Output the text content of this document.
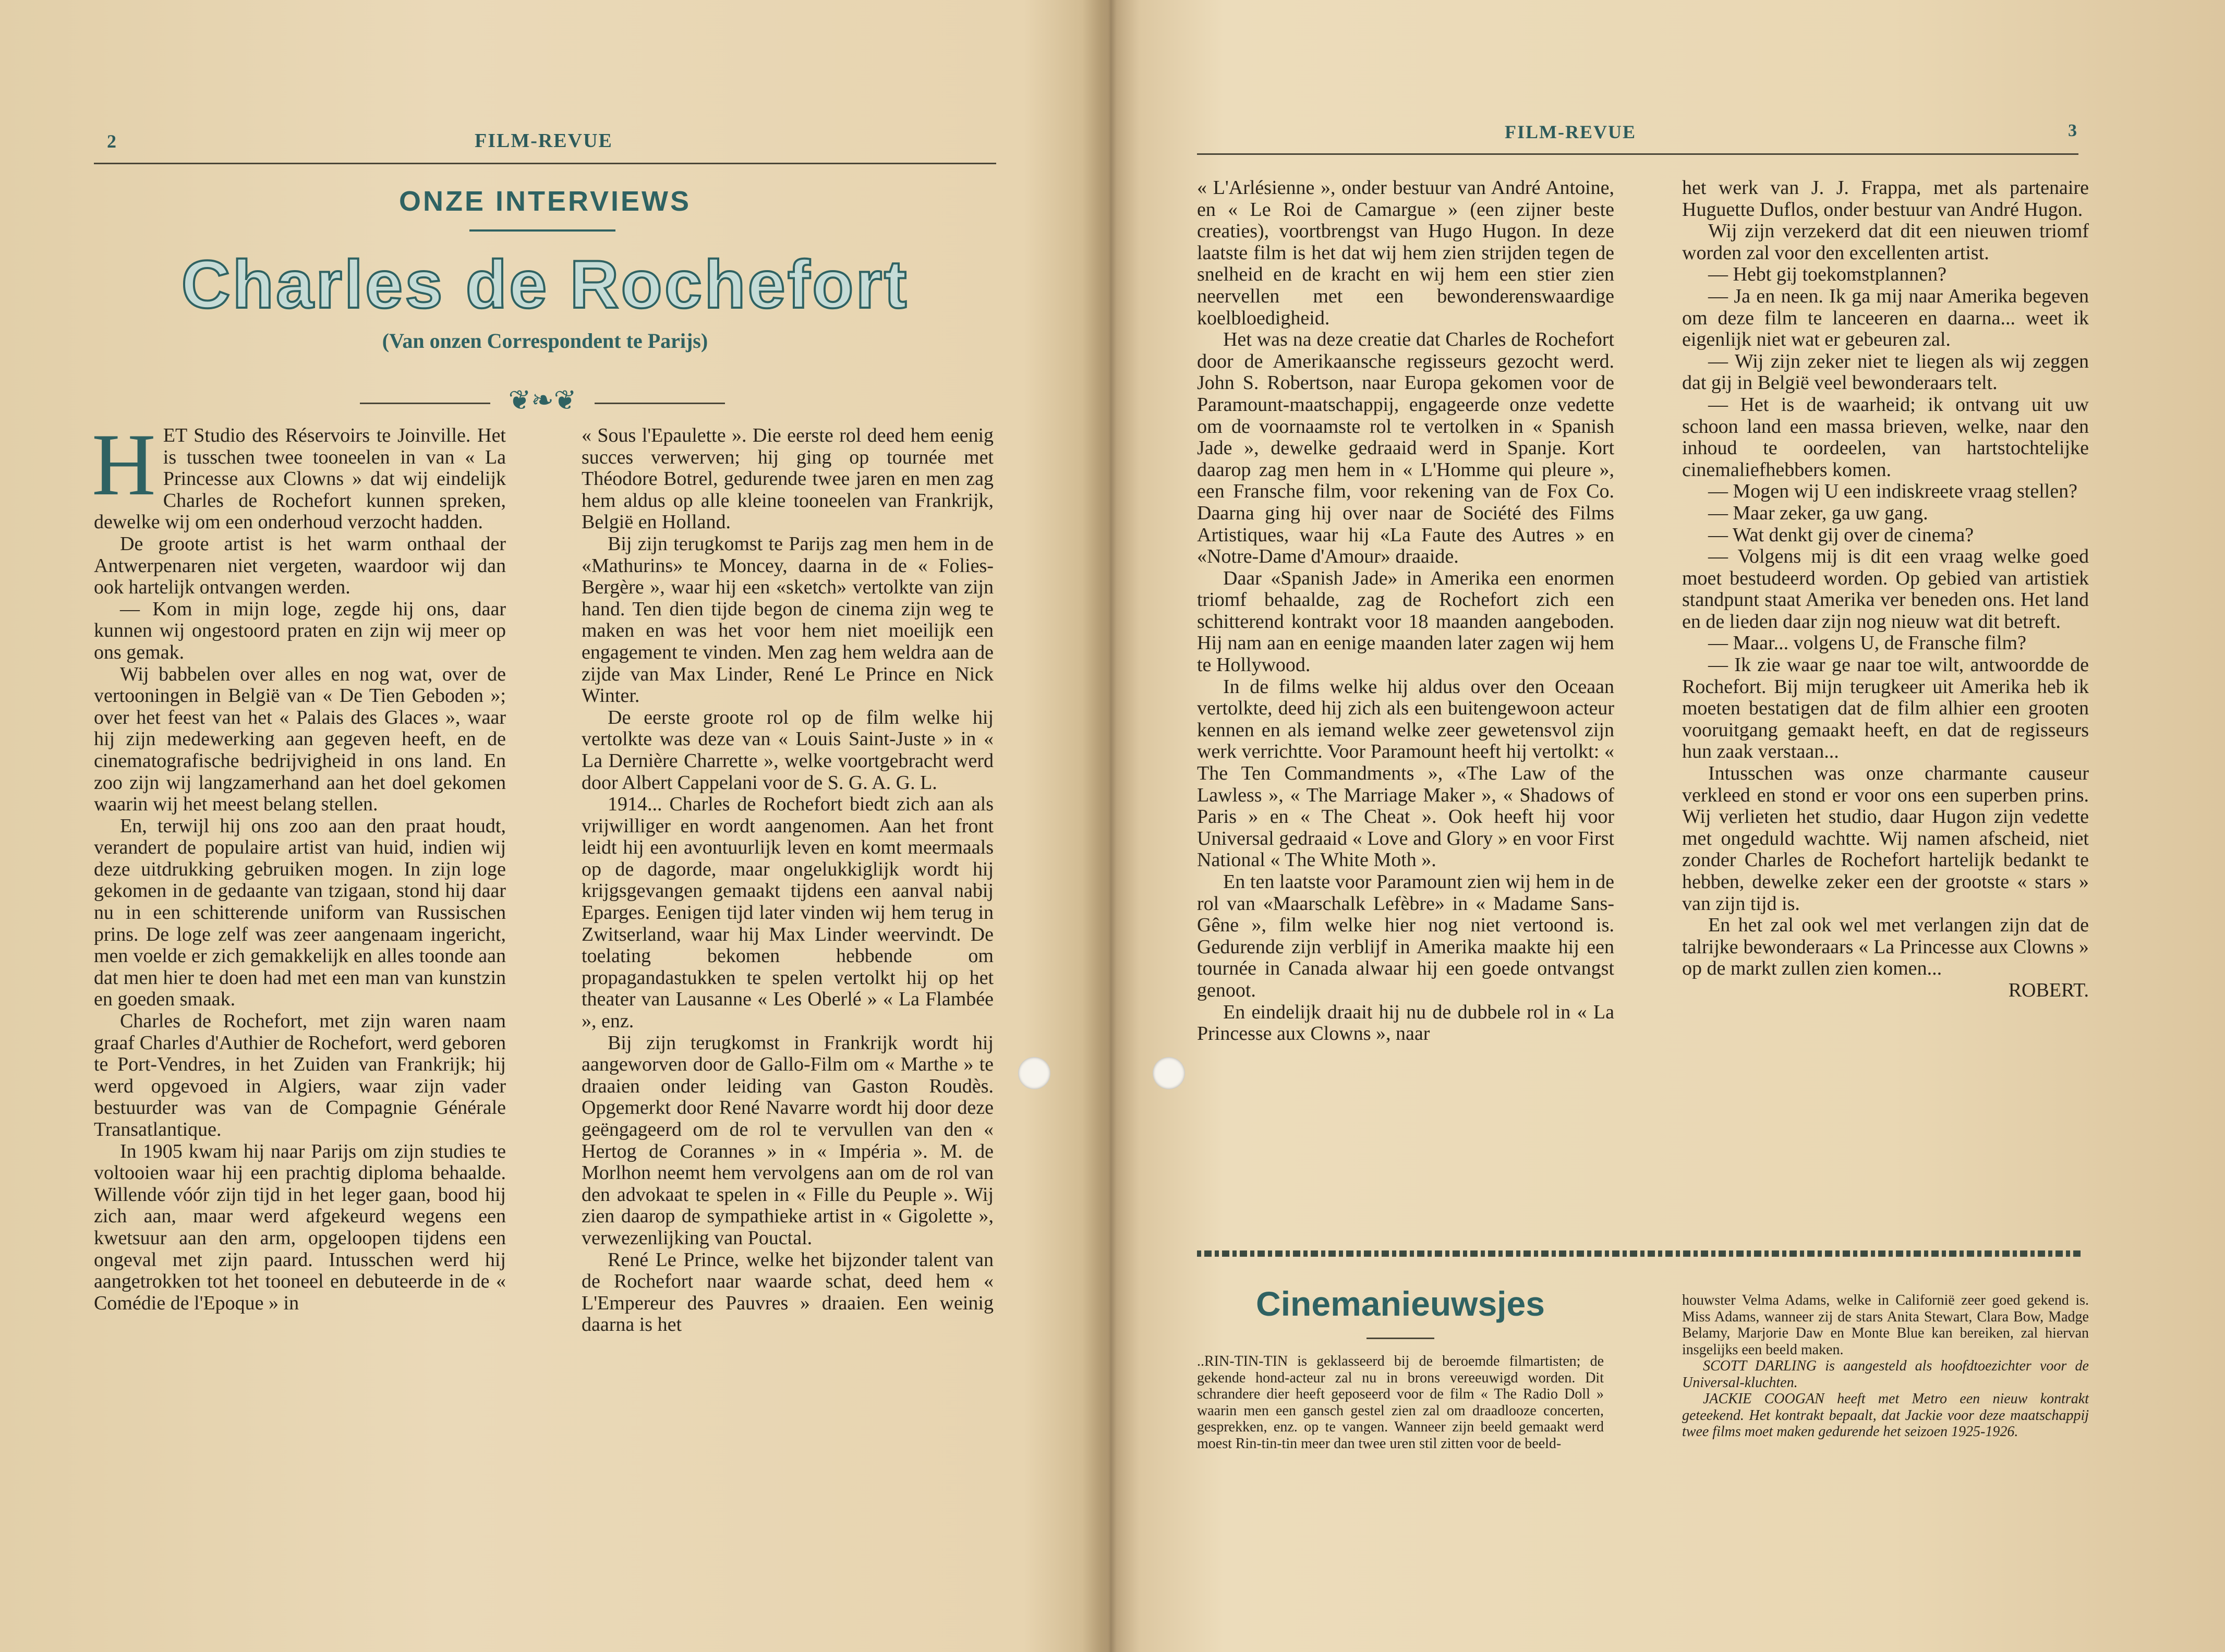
2	FILM-REVUE
ONZE INTERVIEWS
Charles de Rochefort
(Van onzen Correspondent te Parijs)
❦❧❦
H ET Studio des Réservoirs te Joinville. Het is tusschen twee tooneelen in van « La Princesse aux Clowns » dat wij eindelijk Charles de Rochefort kunnen spreken, dewelke wij om een onderhoud verzocht hadden.

De groote artist is het warm onthaal der Antwerpenaren niet vergeten, waardoor wij dan ook hartelijk ontvangen werden.

— Kom in mijn loge, zegde hij ons, daar kunnen wij ongestoord praten en zijn wij meer op ons gemak.

Wij babbelen over alles en nog wat, over de vertooningen in België van « De Tien Geboden »; over het feest van het « Palais des Glaces », waar hij zijn medewerking aan gegeven heeft, en de cinematografische bedrijvigheid in ons land. En zoo zijn wij langzamerhand aan het doel gekomen waarin wij het meest belang stellen.

En, terwijl hij ons zoo aan den praat houdt, verandert de populaire artist van huid, indien wij deze uitdrukking gebruiken mogen. In zijn loge gekomen in de gedaante van tzigaan, stond hij daar nu in een schitterende uniform van Russischen prins. De loge zelf was zeer aangenaam ingericht, men voelde er zich gemakkelijk en alles toonde aan dat men hier te doen had met een man van kunstzin en goeden smaak.

Charles de Rochefort, met zijn waren naam graaf Charles d'Authier de Rochefort, werd geboren te Port-Vendres, in het Zuiden van Frankrijk; hij werd opgevoed in Algiers, waar zijn vader bestuurder was van de Compagnie Générale Transatlantique.

In 1905 kwam hij naar Parijs om zijn studies te voltooien waar hij een prachtig diploma behaalde. Willende vóór zijn tijd in het leger gaan, bood hij zich aan, maar werd afgekeurd wegens een kwetsuur aan den arm, opgeloopen tijdens een ongeval met zijn paard. Intusschen werd hij aangetrokken tot het tooneel en debuteerde in de « Comédie de l'Epoque » in

« Sous l'Epaulette ». Die eerste rol deed hem eenig succes verwerven; hij ging op tournée met Théodore Botrel, gedurende twee jaren en men zag hem aldus op alle kleine tooneelen van Frankrijk, België en Holland.

Bij zijn terugkomst te Parijs zag men hem in de «Mathurins» te Moncey, daarna in de « Folies-Bergère », waar hij een «sketch» vertolkte van zijn hand. Ten dien tijde begon de cinema zijn weg te maken en was het voor hem niet moeilijk een engagement te vinden. Men zag hem weldra aan de zijde van Max Linder, René Le Prince en Nick Winter.

De eerste groote rol op de film welke hij vertolkte was deze van « Louis Saint-Juste » in « La Dernière Charrette », welke voortgebracht werd door Albert Cappelani voor de S. G. A. G. L.

1914... Charles de Rochefort biedt zich aan als vrijwilliger en wordt aangenomen. Aan het front leidt hij een avontuurlijk leven en komt meermaals op de dagorde, maar ongelukkiglijk wordt hij krijgsgevangen gemaakt tijdens een aanval nabij Eparges. Eenigen tijd later vinden wij hem terug in Zwitserland, waar hij Max Linder weervindt. De toelating bekomen hebbende om propagandastukken te spelen vertolkt hij op het theater van Lausanne « Les Oberlé » « La Flambée », enz.

Bij zijn terugkomst in Frankrijk wordt hij aangeworven door de Gallo-Film om « Marthe » te draaien onder leiding van Gaston Roudès. Opgemerkt door René Navarre wordt hij door deze geëngageerd om de rol te vervullen van den « Hertog de Corannes » in « Impéria ». M. de Morlhon neemt hem vervolgens aan om de rol van den advokaat te spelen in « Fille du Peuple ». Wij zien daarop de sympathieke artist in « Gigolette », verwezenlijking van Pouctal.

René Le Prince, welke het bijzonder talent van de Rochefort naar waarde schat, deed hem « L'Empereur des Pauvres » draaien. Een weinig daarna is het

FILM-REVUE	3

« L'Arlésienne », onder bestuur van André Antoine, en « Le Roi de Camargue » (een zijner beste creaties), voortbrengst van Hugo Hugon. In deze laatste film is het dat wij hem zien strijden tegen de snelheid en de kracht en wij hem een stier zien neervellen met een bewonderenswaardige koelbloedigheid.

Het was na deze creatie dat Charles de Rochefort door de Amerikaansche regisseurs gezocht werd. John S. Robertson, naar Europa gekomen voor de Paramount-maatschappij, engageerde onze vedette om de voornaamste rol te vertolken in « Spanish Jade », dewelke gedraaid werd in Spanje. Kort daarop zag men hem in « L'Homme qui pleure », een Fransche film, voor rekening van de Fox Co. Daarna ging hij over naar de Société des Films Artistiques, waar hij «La Faute des Autres » en «Notre-Dame d'Amour» draaide.

Daar «Spanish Jade» in Amerika een enormen triomf behaalde, zag de Rochefort zich een schitterend kontrakt voor 18 maanden aangeboden. Hij nam aan en eenige maanden later zagen wij hem te Hollywood.

In de films welke hij aldus over den Oceaan vertolkte, deed hij zich als een buitengewoon acteur kennen en als iemand welke zeer gewetensvol zijn werk verrichtte. Voor Paramount heeft hij vertolkt: « The Ten Commandments », «The Law of the Lawless », « The Marriage Maker », « Shadows of Paris » en « The Cheat ». Ook heeft hij voor Universal gedraaid « Love and Glory » en voor First National « The White Moth ».

En ten laatste voor Paramount zien wij hem in de rol van «Maarschalk Lefèbre» in « Madame Sans-Gêne », film welke hier nog niet vertoond is. Gedurende zijn verblijf in Amerika maakte hij een tournée in Canada alwaar hij een goede ontvangst genoot.

En eindelijk draait hij nu de dubbele rol in « La Princesse aux Clowns », naar

het werk van J. J. Frappa, met als partenaire Huguette Duflos, onder bestuur van André Hugon.

Wij zijn verzekerd dat dit een nieuwen triomf worden zal voor den excellenten artist.

— Hebt gij toekomstplannen?

— Ja en neen. Ik ga mij naar Amerika begeven om deze film te lanceeren en daarna... weet ik eigenlijk niet wat er gebeuren zal.

— Wij zijn zeker niet te liegen als wij zeggen dat gij in België veel bewonderaars telt.

— Het is de waarheid; ik ontvang uit uw schoon land een massa brieven, welke, naar den inhoud te oordeelen, van hartstochtelijke cinemaliefhebbers komen.

— Mogen wij U een indiskreete vraag stellen?

— Maar zeker, ga uw gang.

— Wat denkt gij over de cinema?

— Volgens mij is dit een vraag welke goed moet bestudeerd worden. Op gebied van artistiek standpunt staat Amerika ver beneden ons. Het land en de lieden daar zijn nog nieuw wat dit betreft.

— Maar... volgens U, de Fransche film?

— Ik zie waar ge naar toe wilt, antwoordde de Rochefort. Bij mijn terugkeer uit Amerika heb ik moeten bestatigen dat de film alhier een grooten vooruitgang gemaakt heeft, en dat de regisseurs hun zaak verstaan...

Intusschen was onze charmante causeur verkleed en stond er voor ons een superben prins. Wij verlieten het studio, daar Hugon zijn vedette met ongeduld wachtte. Wij namen afscheid, niet zonder Charles de Rochefort hartelijk bedankt te hebben, dewelke zeker een der grootste « stars » van zijn tijd is.

En het zal ook wel met verlangen zijn dat de talrijke bewonderaars « La Princesse aux Clowns » op de markt zullen zien komen...

ROBERT.
Cinemanieuwsjes

..RIN-TIN-TIN is geklasseerd bij de beroemde filmartisten; de gekende hond-acteur zal nu in brons vereeuwigd worden. Dit schrandere dier heeft geposeerd voor de film « The Radio Doll » waarin men een gansch gestel zien zal om draadlooze concerten, gesprekken, enz. op te vangen. Wanneer zijn beeld gemaakt werd moest Rin-tin-tin meer dan twee uren stil zitten voor de beeld-

houwster Velma Adams, welke in Californië zeer goed gekend is. Miss Adams, wanneer zij de stars Anita Stewart, Clara Bow, Madge Belamy, Marjorie Daw en Monte Blue kan bereiken, zal hiervan insgelijks een beeld maken.

SCOTT DARLING is aangesteld als hoofdtoezichter voor de Universal-kluchten.

JACKIE COOGAN heeft met Metro een nieuw kontrakt geteekend. Het kontrakt bepaalt, dat Jackie voor deze maatschappij twee films moet maken gedurende het seizoen 1925-1926.
